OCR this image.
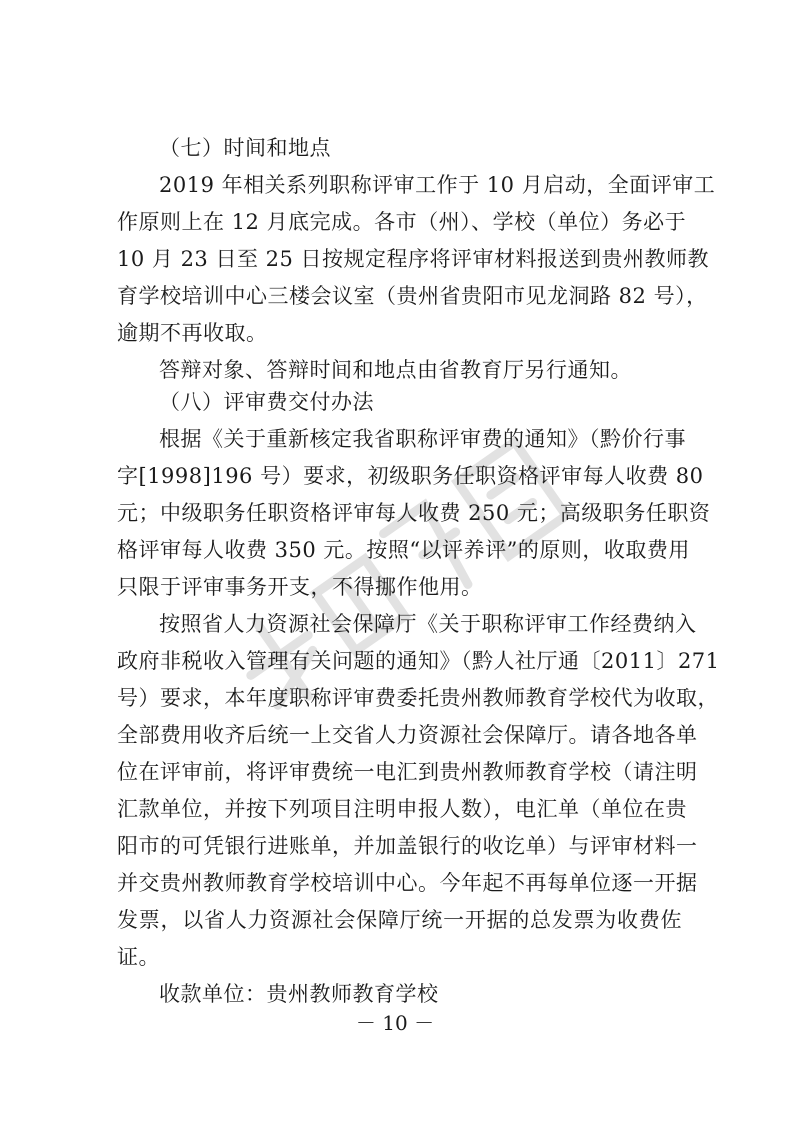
（七）时间和地点
2019 年相关系列职称评审工作于 10 月启动，全面评审工
作原则上在 12 月底完成。各市（州）、学校（单位）务必于
10 月 23 日至 25 日按规定程序将评审材料报送到贵州教师教
育学校培训中心三楼会议室（贵州省贵阳市见龙洞路 82 号），
逾期不再收取。
答辩对象、答辩时间和地点由省教育厅另行通知。
（八）评审费交付办法
根据《关于重新核定我省职称评审费的通知》（黔价行事
字[1998]196 号）要求，初级职务任职资格评审每人收费 80
元；中级职务任职资格评审每人收费 250 元；高级职务任职资
格评审每人收费 350 元。按照“以评养评”的原则，收取费用
只限于评审事务开支，不得挪作他用。
按照省人力资源社会保障厅《关于职称评审工作经费纳入
政府非税收入管理有关问题的通知》（黔人社厅通〔2011〕271
号）要求，本年度职称评审费委托贵州教师教育学校代为收取，
全部费用收齐后统一上交省人力资源社会保障厅。请各地各单
位在评审前，将评审费统一电汇到贵州教师教育学校（请注明
汇款单位，并按下列项目注明申报人数），电汇单（单位在贵
阳市的可凭银行进账单，并加盖银行的收讫单）与评审材料一
并交贵州教师教育学校培训中心。今年起不再每单位逐一开据
发票，以省人力资源社会保障厅统一开据的总发票为收费佐
证。
收款单位：贵州教师教育学校
－ 10 －
